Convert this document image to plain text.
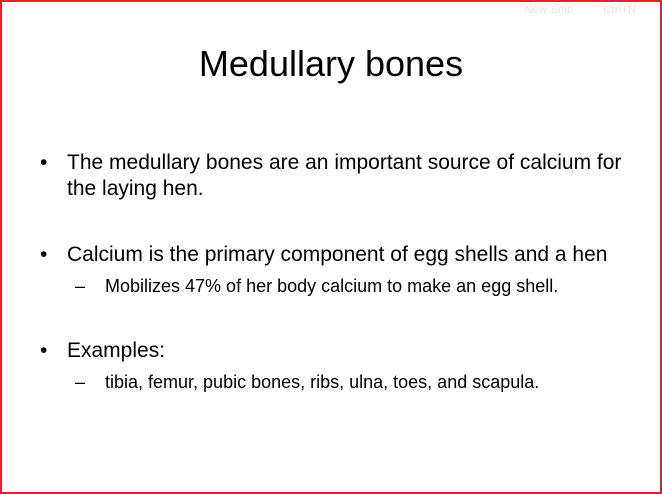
New Snip	Ctrl+N
Medullary bones
• The medullary bones are an important source of calcium for the laying hen.
• Calcium is the primary component of egg shells and a hen
– Mobilizes 47% of her body calcium to make an egg shell.
• Examples:
– tibia, femur, pubic bones, ribs, ulna, toes, and scapula.
